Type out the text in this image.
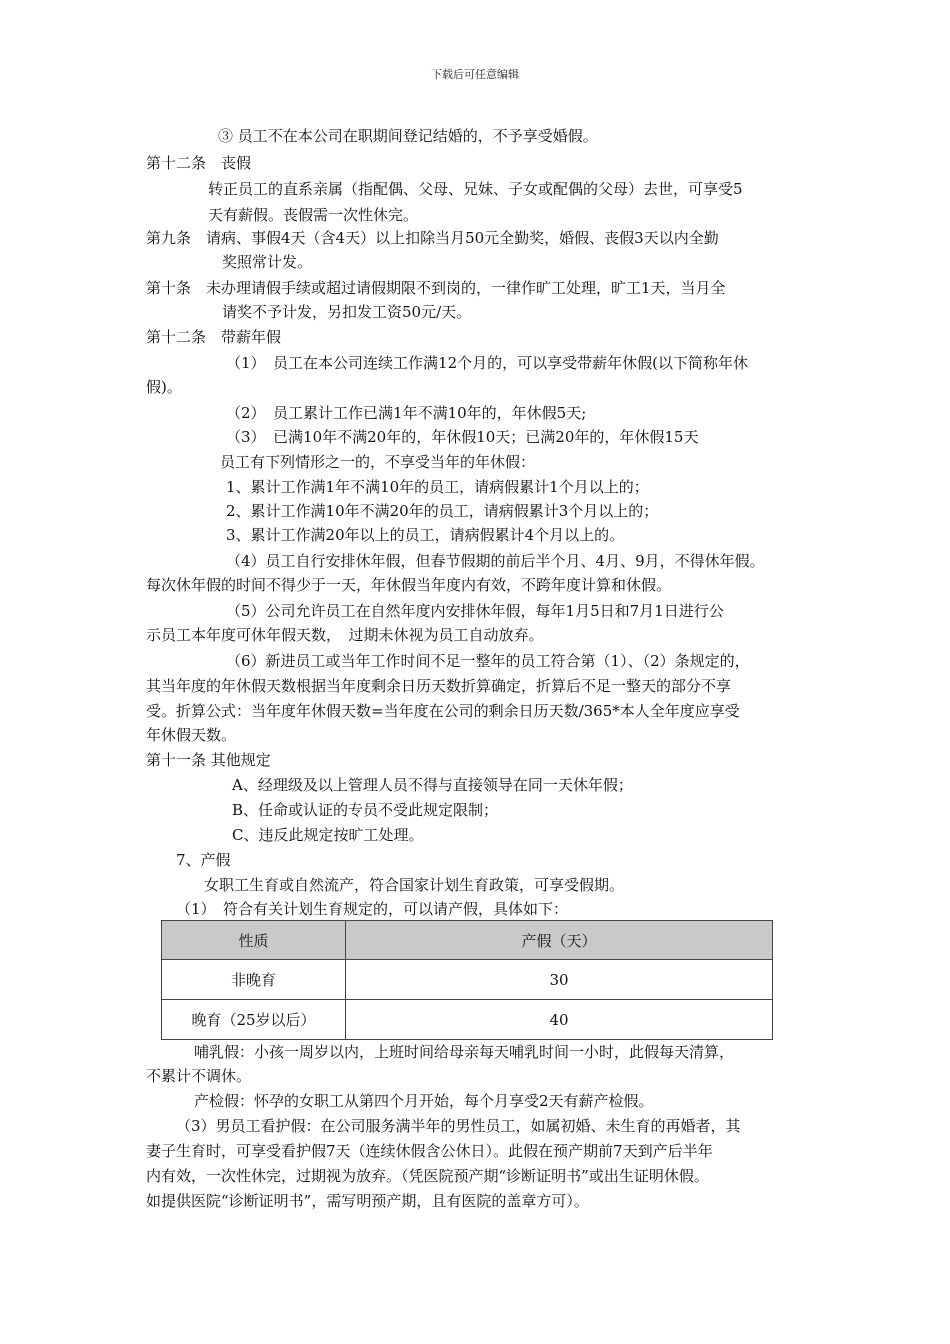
下载后可任意编辑
③ 员工不在本公司在职期间登记结婚的，不予享受婚假。
第十二条　丧假
转正员工的直系亲属（指配偶、父母、兄妹、子女或配偶的父母）去世，可享受5
天有薪假。丧假需一次性休完。
第九条　请病、事假4天（含4天）以上扣除当月50元全勤奖，婚假、丧假3天以内全勤
奖照常计发。
第十条　未办理请假手续或超过请假期限不到岗的，一律作旷工处理，旷工1天，当月全
请奖不予计发，另扣发工资50元/天。
第十二条　带薪年假
（1）　员工在本公司连续工作满12个月的，可以享受带薪年休假(以下简称年休
假)。
（2）　员工累计工作已满1年不满10年的，年休假5天;
（3）　已满10年不满20年的，年休假10天；已满20年的，年休假15天
员工有下列情形之一的，不享受当年的年休假：
1、累计工作满1年不满10年的员工，请病假累计1个月以上的；
2、累计工作满10年不满20年的员工，请病假累计3个月以上的；
3、累计工作满20年以上的员工，请病假累计4个月以上的。
（4）员工自行安排休年假，但春节假期的前后半个月、4月、9月，不得休年假。
每次休年假的时间不得少于一天，年休假当年度内有效，不跨年度计算和休假。
（5）公司允许员工在自然年度内安排休年假，每年1月5日和7月1日进行公
示员工本年度可休年假天数，　过期未休视为员工自动放弃。
（6）新进员工或当年工作时间不足一整年的员工符合第（1）、（2）条规定的，
其当年度的年休假天数根据当年度剩余日历天数折算确定，折算后不足一整天的部分不享
受。折算公式：当年度年休假天数=当年度在公司的剩余日历天数/365*本人全年度应享受
年休假天数。
第十一条 其他规定
A、经理级及以上管理人员不得与直接领导在同一天休年假；
B、任命或认证的专员不受此规定限制；
C、违反此规定按旷工处理。
7、产假
女职工生育或自然流产，符合国家计划生育政策，可享受假期。
（1）　符合有关计划生育规定的，可以请产假，具体如下：
性质	产假（天）
非晚育	30
晚育（25岁以后）	40
哺乳假：小孩一周岁以内，上班时间给母亲每天哺乳时间一小时，此假每天清算，
不累计不调休。
产检假：怀孕的女职工从第四个月开始，每个月享受2天有薪产检假。
（3）男员工看护假：在公司服务满半年的男性员工，如属初婚、未生育的再婚者，其
妻子生育时，可享受看护假7天（连续休假含公休日）。此假在预产期前7天到产后半年
内有效，一次性休完，过期视为放弃。（凭医院预产期“诊断证明书”或出生证明休假。
如提供医院“诊断证明书”，需写明预产期，且有医院的盖章方可）。
